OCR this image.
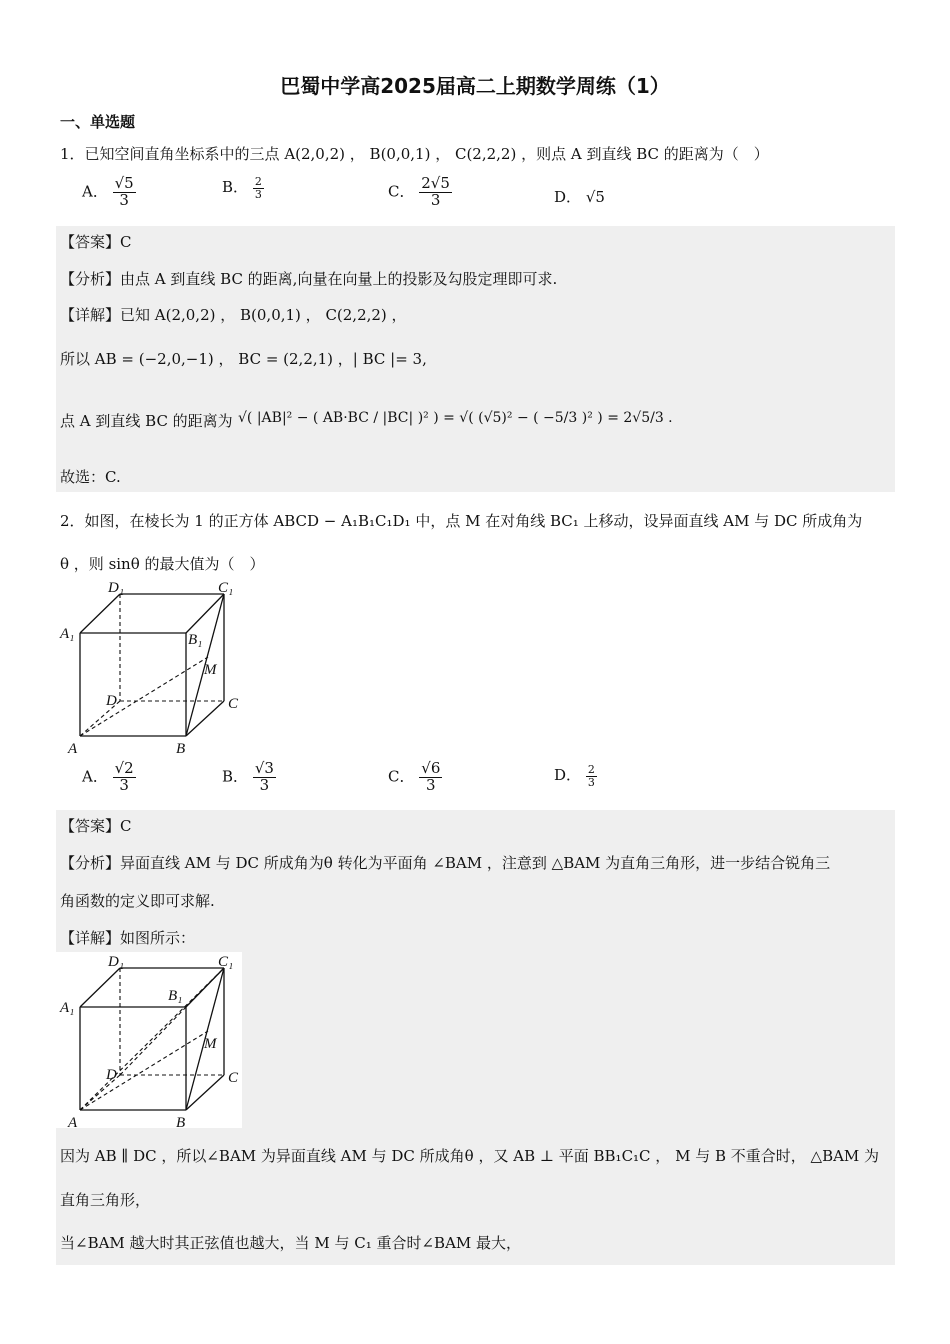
巴蜀中学高2025届高二上期数学周练（1）
一、单选题
1．已知空间直角坐标系中的三点 A(2,0,2) ， B(0,0,1) ， C(2,2,2) ，则点 A 到直线 BC 的距离为（　）
A． $\frac{√5}{3}$	B． $\frac{2}{3}$	C． $\frac{2√5}{3}$	D． √5
【答案】C
【分析】由点 A 到直线 BC 的距离,向量在向量上的投影及勾股定理即可求.
【详解】已知 A(2,0,2) ， B(0,0,1) ， C(2,2,2) ，
所以 AB = (−2,0,−1) ， BC = (2,2,1) ，| BC |= 3,
点 A 到直线 BC 的距离为 √( |AB|² − ( AB·BC / |BC| )² ) = √( (√5)² − ( −5/3 )² ) = 2√5/3 .
故选：C.
2．如图，在棱长为 1 的正方体 ABCD − A₁B₁C₁D₁ 中，点 M 在对角线 BC₁ 上移动，设异面直线 AM 与 DC 所成角为
θ ，则 sinθ 的最大值为（　）
D₁	C₁
A₁	B₁
M
D	C
A	B
A． $\frac{√2}{3}$	B． $\frac{√3}{3}$	C． $\frac{√6}{3}$	D． $\frac{2}{3}$
【答案】C
【分析】异面直线 AM 与 DC 所成角为θ 转化为平面角 ∠BAM ，注意到 △BAM 为直角三角形，进一步结合锐角三
角函数的定义即可求解.
【详解】如图所示：
D₁	C₁
A₁
B₁
M
D	C
A	B
因为 AB ∥ DC ，所以∠BAM 为异面直线 AM 与 DC 所成角θ ，又 AB ⊥ 平面 BB₁C₁C ， M 与 B 不重合时， △BAM 为
直角三角形，
当∠BAM 越大时其正弦值也越大，当 M 与 C₁ 重合时∠BAM 最大，
